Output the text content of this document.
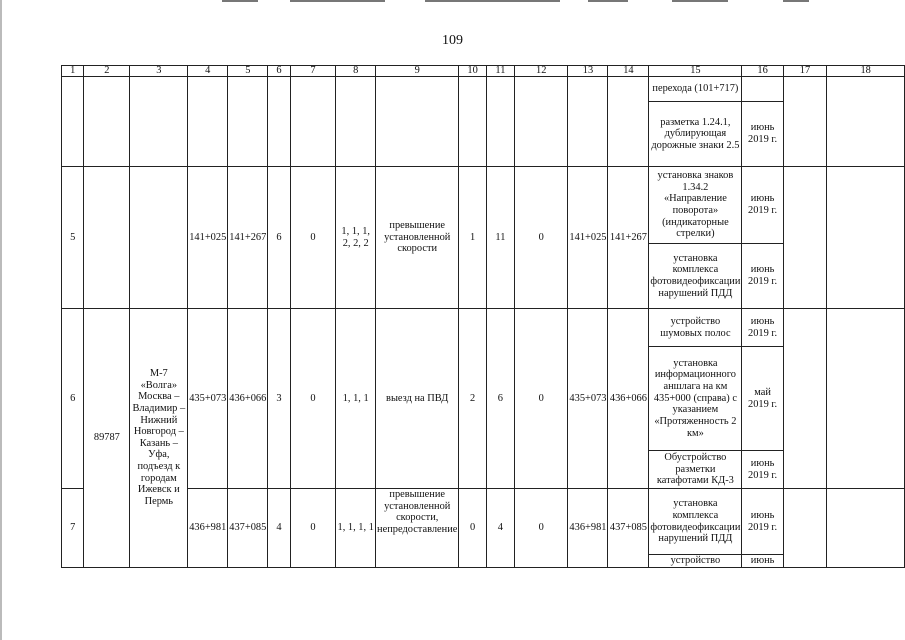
109
1	2	3	4	5	6	7	8	9	10	11	12	13	14	15	16	17	18
														перехода (101+717)			
														разметка 1.24.1, дублирующая дорожные знаки 2.5	июнь 2019 г.		
5			141+025	141+267	6	0	1, 1, 1, 2, 2, 2	превышение установленной скорости	1	11	0	141+025	141+267	установка знаков 1.34.2 «Направление поворота» (индикаторные стрелки)	июнь 2019 г.		
														установка комплекса фотовидеофиксации нарушений ПДД	июнь 2019 г.		
6	89787	М-7 «Волга» Москва – Владимир – Нижний Новгород – Казань – Уфа, подъезд к городам Ижевск и Пермь	435+073	436+066	3	0	1, 1, 1	выезд на ПВД	2	6	0	435+073	436+066	устройство шумовых полос	июнь 2019 г.		
														установка информационного аншлага на км 435+000 (справа) с указанием «Протяженность 2 км»	май 2019 г.		
														Обустройство разметки катафотами КД-3	июнь 2019 г.		
7			436+981	437+085	4	0	1, 1, 1, 1	превышение установленной скорости, непредоставление	0	4	0	436+981	437+085	установка комплекса фотовидеофиксации нарушений ПДД	июнь 2019 г.		
														устройство	июнь		
